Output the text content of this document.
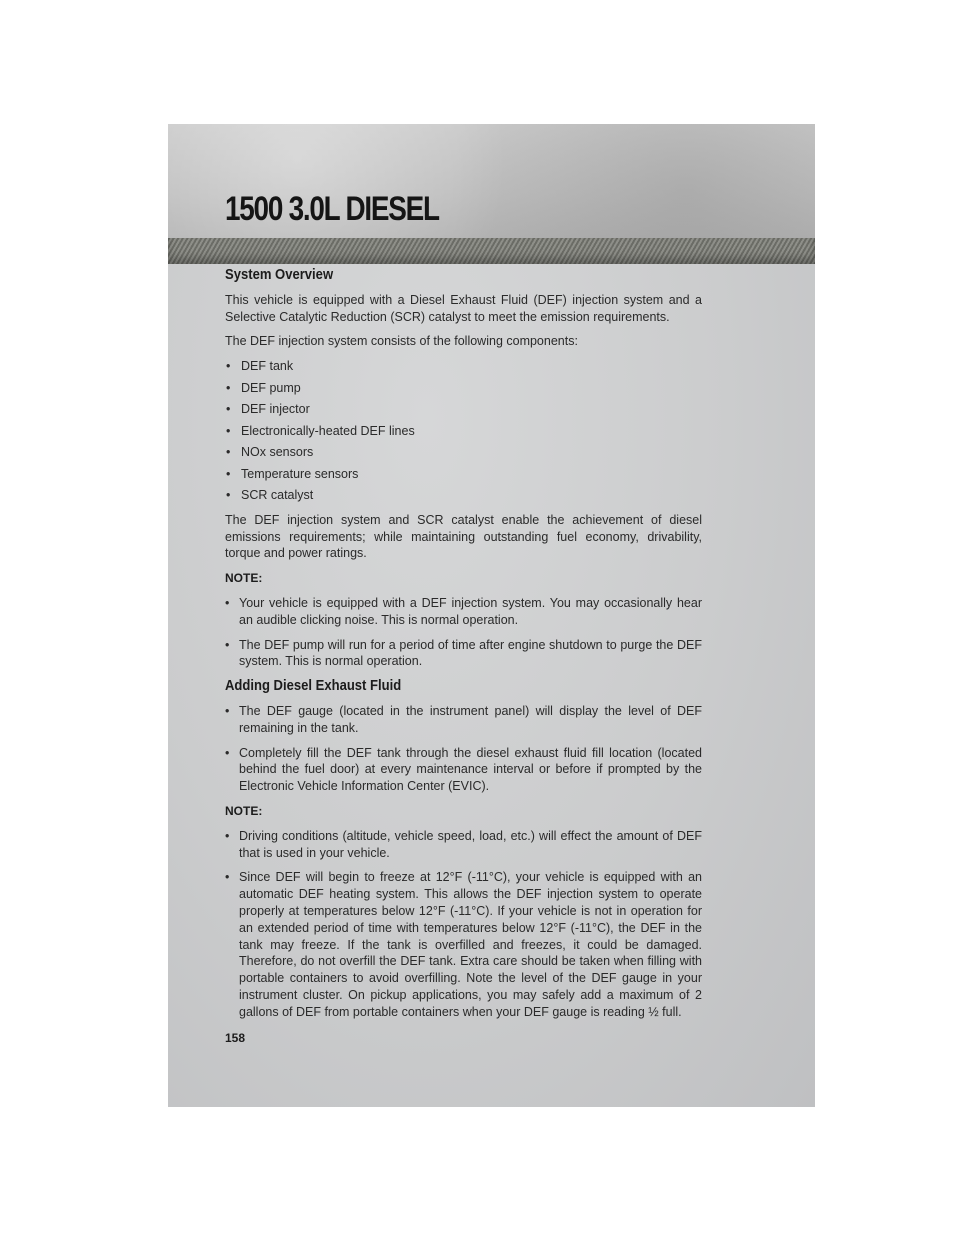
1500 3.0L DIESEL
System Overview

This vehicle is equipped with a Diesel Exhaust Fluid (DEF) injection system and a Selective Catalytic Reduction (SCR) catalyst to meet the emission requirements.

The DEF injection system consists of the following components:

• DEF tank
• DEF pump
• DEF injector
• Electronically-heated DEF lines
• NOx sensors
• Temperature sensors
• SCR catalyst

The DEF injection system and SCR catalyst enable the achievement of diesel emissions requirements; while maintaining outstanding fuel economy, drivability, torque and power ratings.

NOTE:
• Your vehicle is equipped with a DEF injection system. You may occasionally hear an audible clicking noise. This is normal operation.
• The DEF pump will run for a period of time after engine shutdown to purge the DEF system. This is normal operation.
Adding Diesel Exhaust Fluid
• The DEF gauge (located in the instrument panel) will display the level of DEF remaining in the tank.
• Completely fill the DEF tank through the diesel exhaust fluid fill location (located behind the fuel door) at every maintenance interval or before if prompted by the Electronic Vehicle Information Center (EVIC).
NOTE:
• Driving conditions (altitude, vehicle speed, load, etc.) will effect the amount of DEF that is used in your vehicle.
• Since DEF will begin to freeze at 12°F (-11°C), your vehicle is equipped with an automatic DEF heating system. This allows the DEF injection system to operate properly at temperatures below 12°F (-11°C). If your vehicle is not in operation for an extended period of time with temperatures below 12°F (-11°C), the DEF in the tank may freeze. If the tank is overfilled and freezes, it could be damaged. Therefore, do not overfill the DEF tank. Extra care should be taken when filling with portable containers to avoid overfilling. Note the level of the DEF gauge in your instrument cluster. On pickup applications, you may safely add a maximum of 2 gallons of DEF from portable containers when your DEF gauge is reading ½ full.
158
